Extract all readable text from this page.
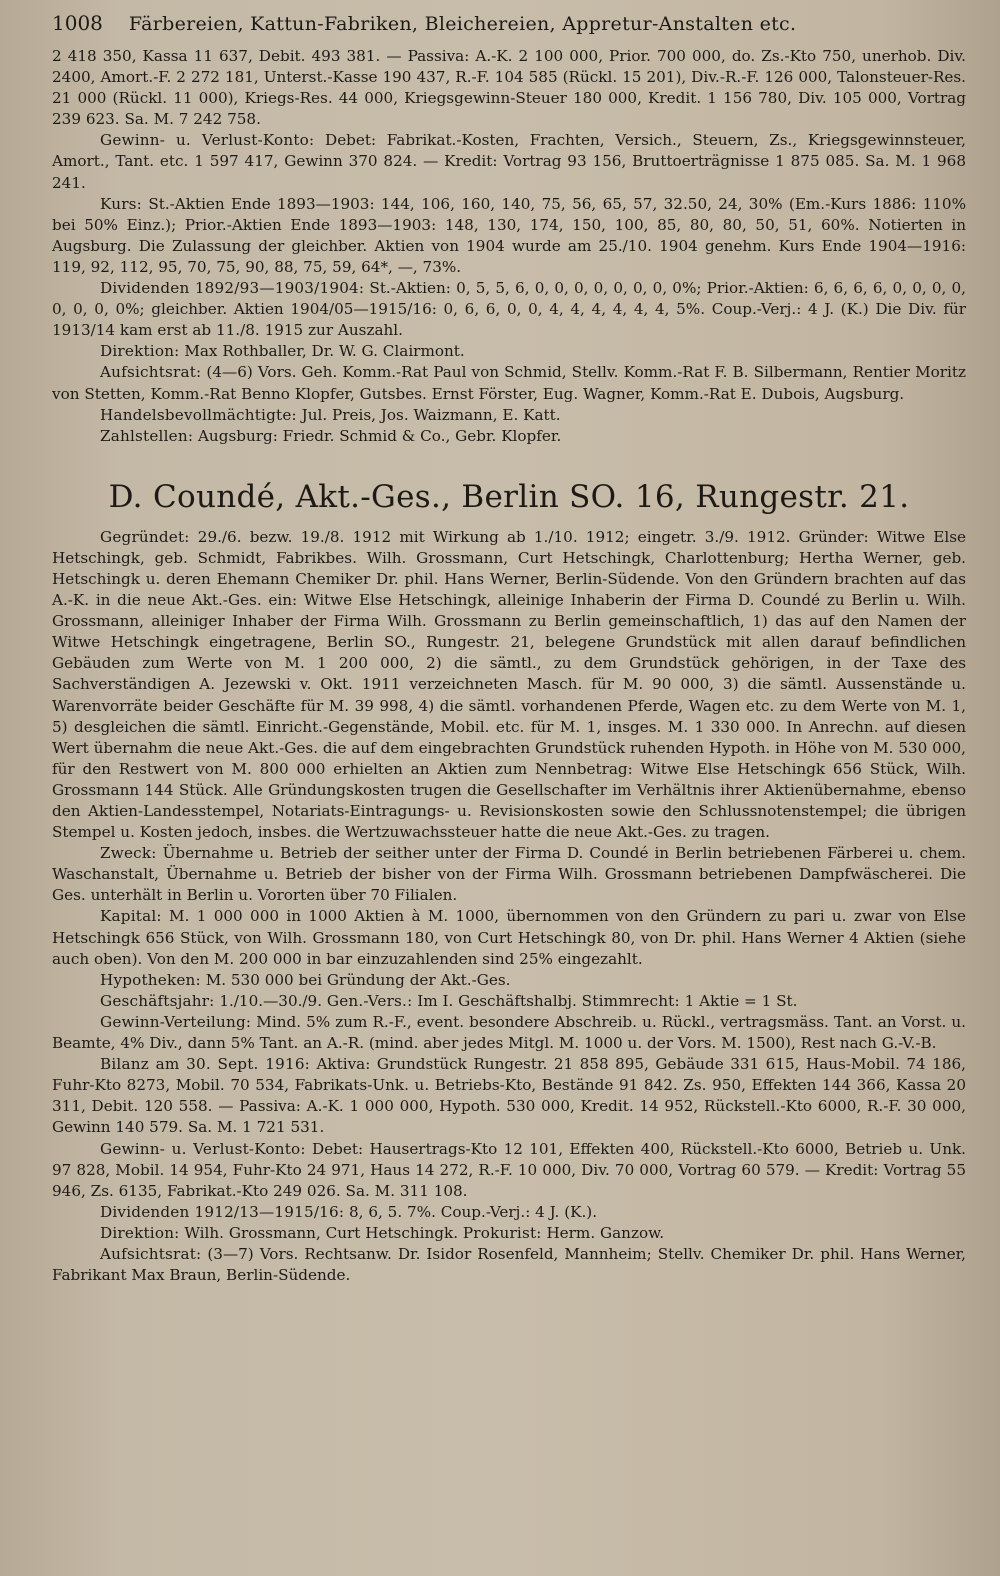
1008 Färbereien, Kattun-Fabriken, Bleichereien, Appretur-Anstalten etc.

2 418 350, Kassa 11 637, Debit. 493 381. — Passiva: A.-K. 2 100 000, Prior. 700 000, do. Zs.-Kto 750, unerhob. Div. 2400, Amort.-F. 2 272 181, Unterst.-Kasse 190 437, R.-F. 104 585 (Rückl. 15 201), Div.-R.-F. 126 000, Talonsteuer-Res. 21 000 (Rückl. 11 000), Kriegs-Res. 44 000, Kriegsgewinn-Steuer 180 000, Kredit. 1 156 780, Div. 105 000, Vortrag 239 623. Sa. M. 7 242 758.

Gewinn- u. Verlust-Konto: Debet: Fabrikat.-Kosten, Frachten, Versich., Steuern, Zs., Kriegsgewinnsteuer, Amort., Tant. etc. 1 597 417, Gewinn 370 824. — Kredit: Vortrag 93 156, Bruttoerträgnisse 1 875 085. Sa. M. 1 968 241.

Kurs: St.-Aktien Ende 1893—1903: 144, 106, 160, 140, 75, 56, 65, 57, 32.50, 24, 30% (Em.-Kurs 1886: 110% bei 50% Einz.); Prior.-Aktien Ende 1893—1903: 148, 130, 174, 150, 100, 85, 80, 80, 50, 51, 60%. Notierten in Augsburg. Die Zulassung der gleichber. Aktien von 1904 wurde am 25./10. 1904 genehm. Kurs Ende 1904—1916: 119, 92, 112, 95, 70, 75, 90, 88, 75, 59, 64*, —, 73%.

Dividenden 1892/93—1903/1904: St.-Aktien: 0, 5, 5, 6, 0, 0, 0, 0, 0, 0, 0, 0%; Prior.-Aktien: 6, 6, 6, 6, 0, 0, 0, 0, 0, 0, 0, 0%; gleichber. Aktien 1904/05—1915/16: 0, 6, 6, 0, 0, 4, 4, 4, 4, 4, 4, 5%. Coup.-Verj.: 4 J. (K.) Die Div. für 1913/14 kam erst ab 11./8. 1915 zur Auszahl.

Direktion: Max Rothballer, Dr. W. G. Clairmont.

Aufsichtsrat: (4—6) Vors. Geh. Komm.-Rat Paul von Schmid, Stellv. Komm.-Rat F. B. Silbermann, Rentier Moritz von Stetten, Komm.-Rat Benno Klopfer, Gutsbes. Ernst Förster, Eug. Wagner, Komm.-Rat E. Dubois, Augsburg.

Handelsbevollmächtigte: Jul. Preis, Jos. Waizmann, E. Katt.

Zahlstellen: Augsburg: Friedr. Schmid & Co., Gebr. Klopfer.

D. Coundé, Akt.-Ges., Berlin SO. 16, Rungestr. 21.

Gegründet: 29./6. bezw. 19./8. 1912 mit Wirkung ab 1./10. 1912; eingetr. 3./9. 1912. Gründer: Witwe Else Hetschingk, geb. Schmidt, Fabrikbes. Wilh. Grossmann, Curt Hetschingk, Charlottenburg; Hertha Werner, geb. Hetschingk u. deren Ehemann Chemiker Dr. phil. Hans Werner, Berlin-Südende. Von den Gründern brachten auf das A.-K. in die neue Akt.-Ges. ein: Witwe Else Hetschingk, alleinige Inhaberin der Firma D. Coundé zu Berlin u. Wilh. Grossmann, alleiniger Inhaber der Firma Wilh. Grossmann zu Berlin gemeinschaftlich, 1) das auf den Namen der Witwe Hetschingk eingetragene, Berlin SO., Rungestr. 21, belegene Grundstück mit allen darauf befindlichen Gebäuden zum Werte von M. 1 200 000, 2) die sämtl., zu dem Grundstück gehörigen, in der Taxe des Sachverständigen A. Jezewski v. Okt. 1911 verzeichneten Masch. für M. 90 000, 3) die sämtl. Aussenstände u. Warenvorräte beider Geschäfte für M. 39 998, 4) die sämtl. vorhandenen Pferde, Wagen etc. zu dem Werte von M. 1, 5) desgleichen die sämtl. Einricht.-Gegenstände, Mobil. etc. für M. 1, insges. M. 1 330 000. In Anrechn. auf diesen Wert übernahm die neue Akt.-Ges. die auf dem eingebrachten Grundstück ruhenden Hypoth. in Höhe von M. 530 000, für den Restwert von M. 800 000 erhielten an Aktien zum Nennbetrag: Witwe Else Hetschingk 656 Stück, Wilh. Grossmann 144 Stück. Alle Gründungskosten trugen die Gesellschafter im Verhältnis ihrer Aktienübernahme, ebenso den Aktien-Landesstempel, Notariats-Eintragungs- u. Revisionskosten sowie den Schlussnotenstempel; die übrigen Stempel u. Kosten jedoch, insbes. die Wertzuwachssteuer hatte die neue Akt.-Ges. zu tragen.

Zweck: Übernahme u. Betrieb der seither unter der Firma D. Coundé in Berlin betriebenen Färberei u. chem. Waschanstalt, Übernahme u. Betrieb der bisher von der Firma Wilh. Grossmann betriebenen Dampfwäscherei. Die Ges. unterhält in Berlin u. Vororten über 70 Filialen.

Kapital: M. 1 000 000 in 1000 Aktien à M. 1000, übernommen von den Gründern zu pari u. zwar von Else Hetschingk 656 Stück, von Wilh. Grossmann 180, von Curt Hetschingk 80, von Dr. phil. Hans Werner 4 Aktien (siehe auch oben). Von den M. 200 000 in bar einzuzahlenden sind 25% eingezahlt.

Hypotheken: M. 530 000 bei Gründung der Akt.-Ges.

Geschäftsjahr: 1./10.—30./9. Gen.-Vers.: Im I. Geschäftshalbj. Stimmrecht: 1 Aktie = 1 St.

Gewinn-Verteilung: Mind. 5% zum R.-F., event. besondere Abschreib. u. Rückl., vertragsmäss. Tant. an Vorst. u. Beamte, 4% Div., dann 5% Tant. an A.-R. (mind. aber jedes Mitgl. M. 1000 u. der Vors. M. 1500), Rest nach G.-V.-B.

Bilanz am 30. Sept. 1916: Aktiva: Grundstück Rungestr. 21 858 895, Gebäude 331 615, Haus-Mobil. 74 186, Fuhr-Kto 8273, Mobil. 70 534, Fabrikats-Unk. u. Betriebs-Kto, Bestände 91 842. Zs. 950, Effekten 144 366, Kassa 20 311, Debit. 120 558. — Passiva: A.-K. 1 000 000, Hypoth. 530 000, Kredit. 14 952, Rückstell.-Kto 6000, R.-F. 30 000, Gewinn 140 579. Sa. M. 1 721 531.

Gewinn- u. Verlust-Konto: Debet: Hausertrags-Kto 12 101, Effekten 400, Rückstell.-Kto 6000, Betrieb u. Unk. 97 828, Mobil. 14 954, Fuhr-Kto 24 971, Haus 14 272, R.-F. 10 000, Div. 70 000, Vortrag 60 579. — Kredit: Vortrag 55 946, Zs. 6135, Fabrikat.-Kto 249 026. Sa. M. 311 108.

Dividenden 1912/13—1915/16: 8, 6, 5. 7%. Coup.-Verj.: 4 J. (K.).

Direktion: Wilh. Grossmann, Curt Hetschingk. Prokurist: Herm. Ganzow.

Aufsichtsrat: (3—7) Vors. Rechtsanw. Dr. Isidor Rosenfeld, Mannheim; Stellv. Chemiker Dr. phil. Hans Werner, Fabrikant Max Braun, Berlin-Südende.
